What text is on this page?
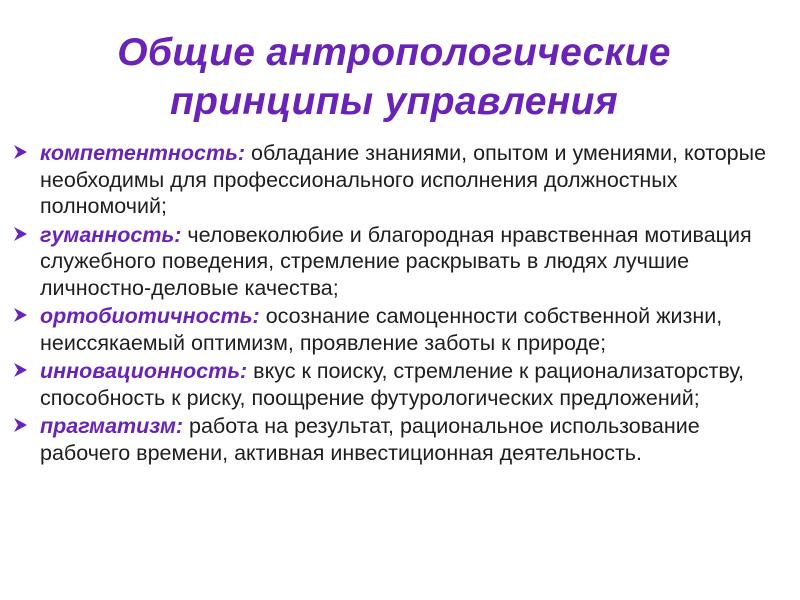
Общие антропологические
принципы управления
компетентность: обладание знаниями, опытом и умениями, которые необходимы для профессионального исполнения должностных полномочий;
гуманность: человеколюбие и благородная нравственная мотивация служебного поведения, стремление раскрывать в людях лучшие личностно-деловые качества;
ортобиотичность: осознание самоценности собственной жизни, неиссякаемый оптимизм, проявление заботы к природе;
инновационность: вкус к поиску, стремление к рационализаторству, способность к риску, поощрение футурологических предложений;
прагматизм: работа на результат, рациональное использование рабочего времени, активная инвестиционная деятельность.
